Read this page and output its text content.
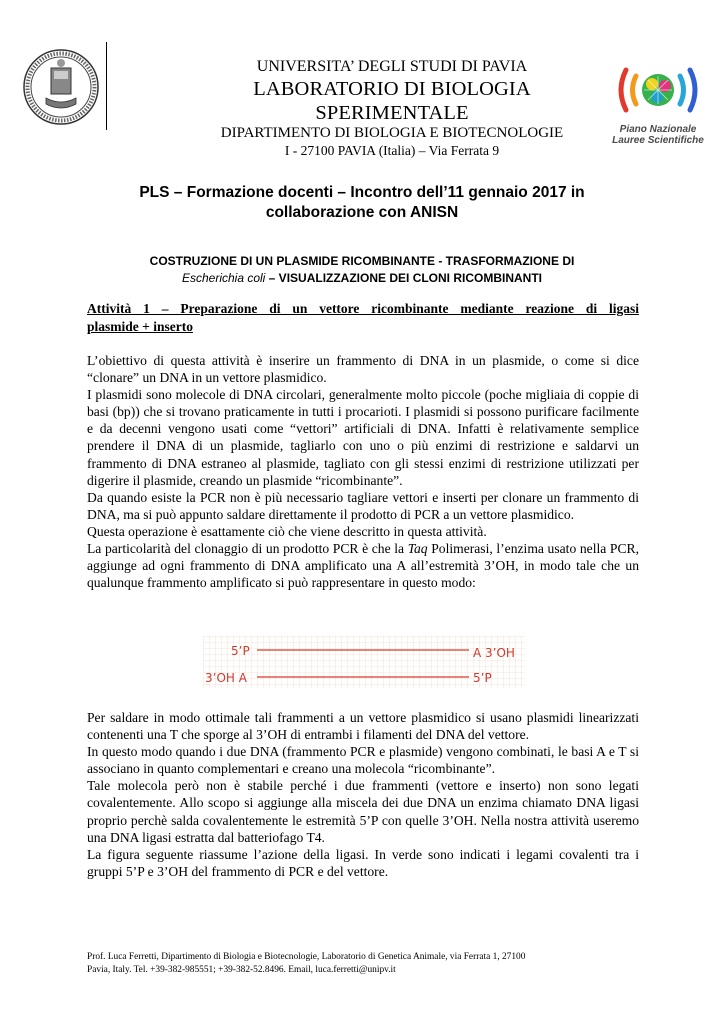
UNIVERSITA’ DEGLI STUDI DI PAVIA
LABORATORIO DI BIOLOGIA SPERIMENTALE
DIPARTIMENTO DI BIOLOGIA E BIOTECNOLOGIE
I - 27100 PAVIA (Italia) – Via Ferrata 9
Piano Nazionale
Lauree Scientifiche
PLS – Formazione docenti – Incontro dell’11 gennaio 2017 in
collaborazione con ANISN
COSTRUZIONE DI UN PLASMIDE RICOMBINANTE - TRASFORMAZIONE DI
Escherichia coli – VISUALIZZAZIONE DEI CLONI RICOMBINANTI
Attività 1 – Preparazione di un vettore ricombinante mediante reazione di ligasi
plasmide + inserto

L’obiettivo di questa attività è inserire un frammento di DNA in un plasmide, o come si dice “clonare” un DNA in un vettore plasmidico.

I plasmidi sono molecole di DNA circolari, generalmente molto piccole (poche migliaia di coppie di basi (bp)) che si trovano praticamente in tutti i procarioti. I plasmidi si possono purificare facilmente e da decenni vengono usati come “vettori” artificiali di DNA. Infatti è relativamente semplice prendere il DNA di un plasmide, tagliarlo con uno o più enzimi di restrizione e saldarvi un frammento di DNA estraneo al plasmide, tagliato con gli stessi enzimi di restrizione utilizzati per digerire il plasmide, creando un plasmide “ricombinante”.

Da quando esiste la PCR non è più necessario tagliare vettori e inserti per clonare un frammento di DNA, ma si può appunto saldare direttamente il prodotto di PCR a un vettore plasmidico.

Questa operazione è esattamente ciò che viene descritto in questa attività.

La particolarità del clonaggio di un prodotto PCR è che la Taq Polimerasi, l’enzima usato nella PCR, aggiunge ad ogni frammento di DNA amplificato una A all’estremità 3’OH, in modo tale che un qualunque frammento amplificato si può rappresentare in questo modo:

5’P	A 3’OH
3’OH A	5’P

Per saldare in modo ottimale tali frammenti a un vettore plasmidico si usano plasmidi linearizzati contenenti una T che sporge al 3’OH di entrambi i filamenti del DNA del vettore.

In questo modo quando i due DNA (frammento PCR e plasmide) vengono combinati, le basi A e T si associano in quanto complementari e creano una molecola “ricombinante”.

Tale molecola però non è stabile perché i due frammenti (vettore e inserto) non sono legati covalentemente. Allo scopo si aggiunge alla miscela dei due DNA un enzima chiamato DNA ligasi proprio perchè salda covalentemente le estremità 5’P con quelle 3’OH. Nella nostra attività useremo una DNA ligasi estratta dal batteriofago T4.

La figura seguente riassume l’azione della ligasi. In verde sono indicati i legami covalenti tra i gruppi 5’P e 3’OH del frammento di PCR e del vettore.

Prof. Luca Ferretti, Dipartimento di Biologia e Biotecnologie, Laboratorio di Genetica Animale, via Ferrata 1, 27100
Pavia, Italy. Tel. +39-382-985551; +39-382-52.8496. Email, luca.ferretti@unipv.it
